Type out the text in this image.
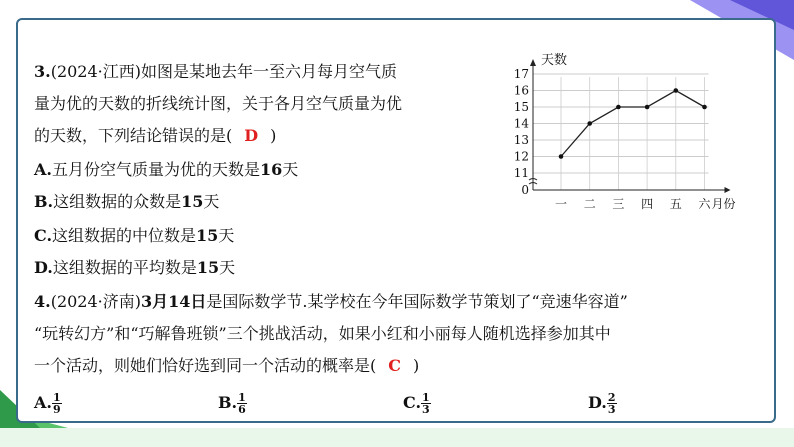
3.(2024·江西)如图是某地去年一至六月每月空气质
量为优的天数的折线统计图，关于各月空气质量为优
的天数，下列结论错误的是( D )
A.五月份空气质量为优的天数是16天
B.这组数据的众数是15天
C.这组数据的中位数是15天
D.这组数据的平均数是15天
4.(2024·济南)3月14日是国际数学节.某学校在今年国际数学节策划了“竞速华容道”
“玩转幻方”和“巧解鲁班锁”三个挑战活动，如果小红和小丽每人随机选择参加其中
一个活动，则她们恰好选到同一个活动的概率是( C )
A. $\frac{1}{9}$	B. $\frac{1}{6}$	C. $\frac{1}{3}$	D. $\frac{2}{3}$
天数
0
11
12
13
14
15
16
17
一 二 三 四 五 六 月份
